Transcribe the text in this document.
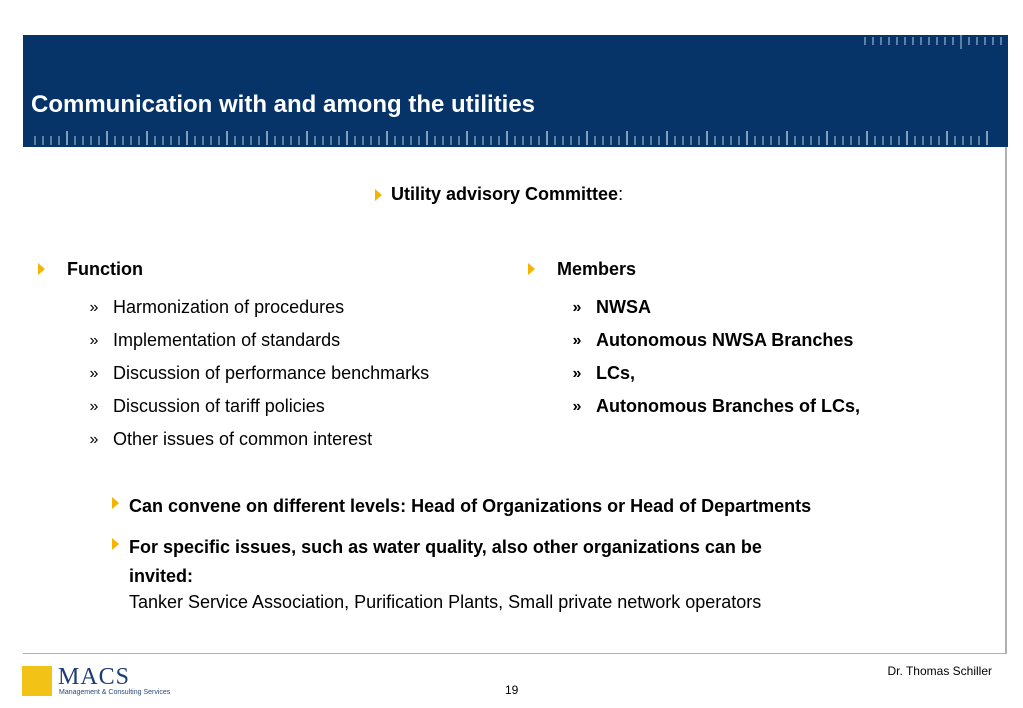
Communication with and among the utilities
Utility advisory Committee :
Function
» Harmonization of procedures
» Implementation of standards
» Discussion of performance benchmarks
» Discussion of tariff policies
» Other issues of common interest
Members
» NWSA
» Autonomous NWSA Branches
» LCs,
» Autonomous Branches of LCs,
Can convene on different levels: Head of Organizations or Head of Departments
For specific issues, such as water quality, also other organizations can be
invited:
Tanker Service Association, Purification Plants, Small private network operators
MACS
Management & Consulting Services
Dr. Thomas Schiller
19
